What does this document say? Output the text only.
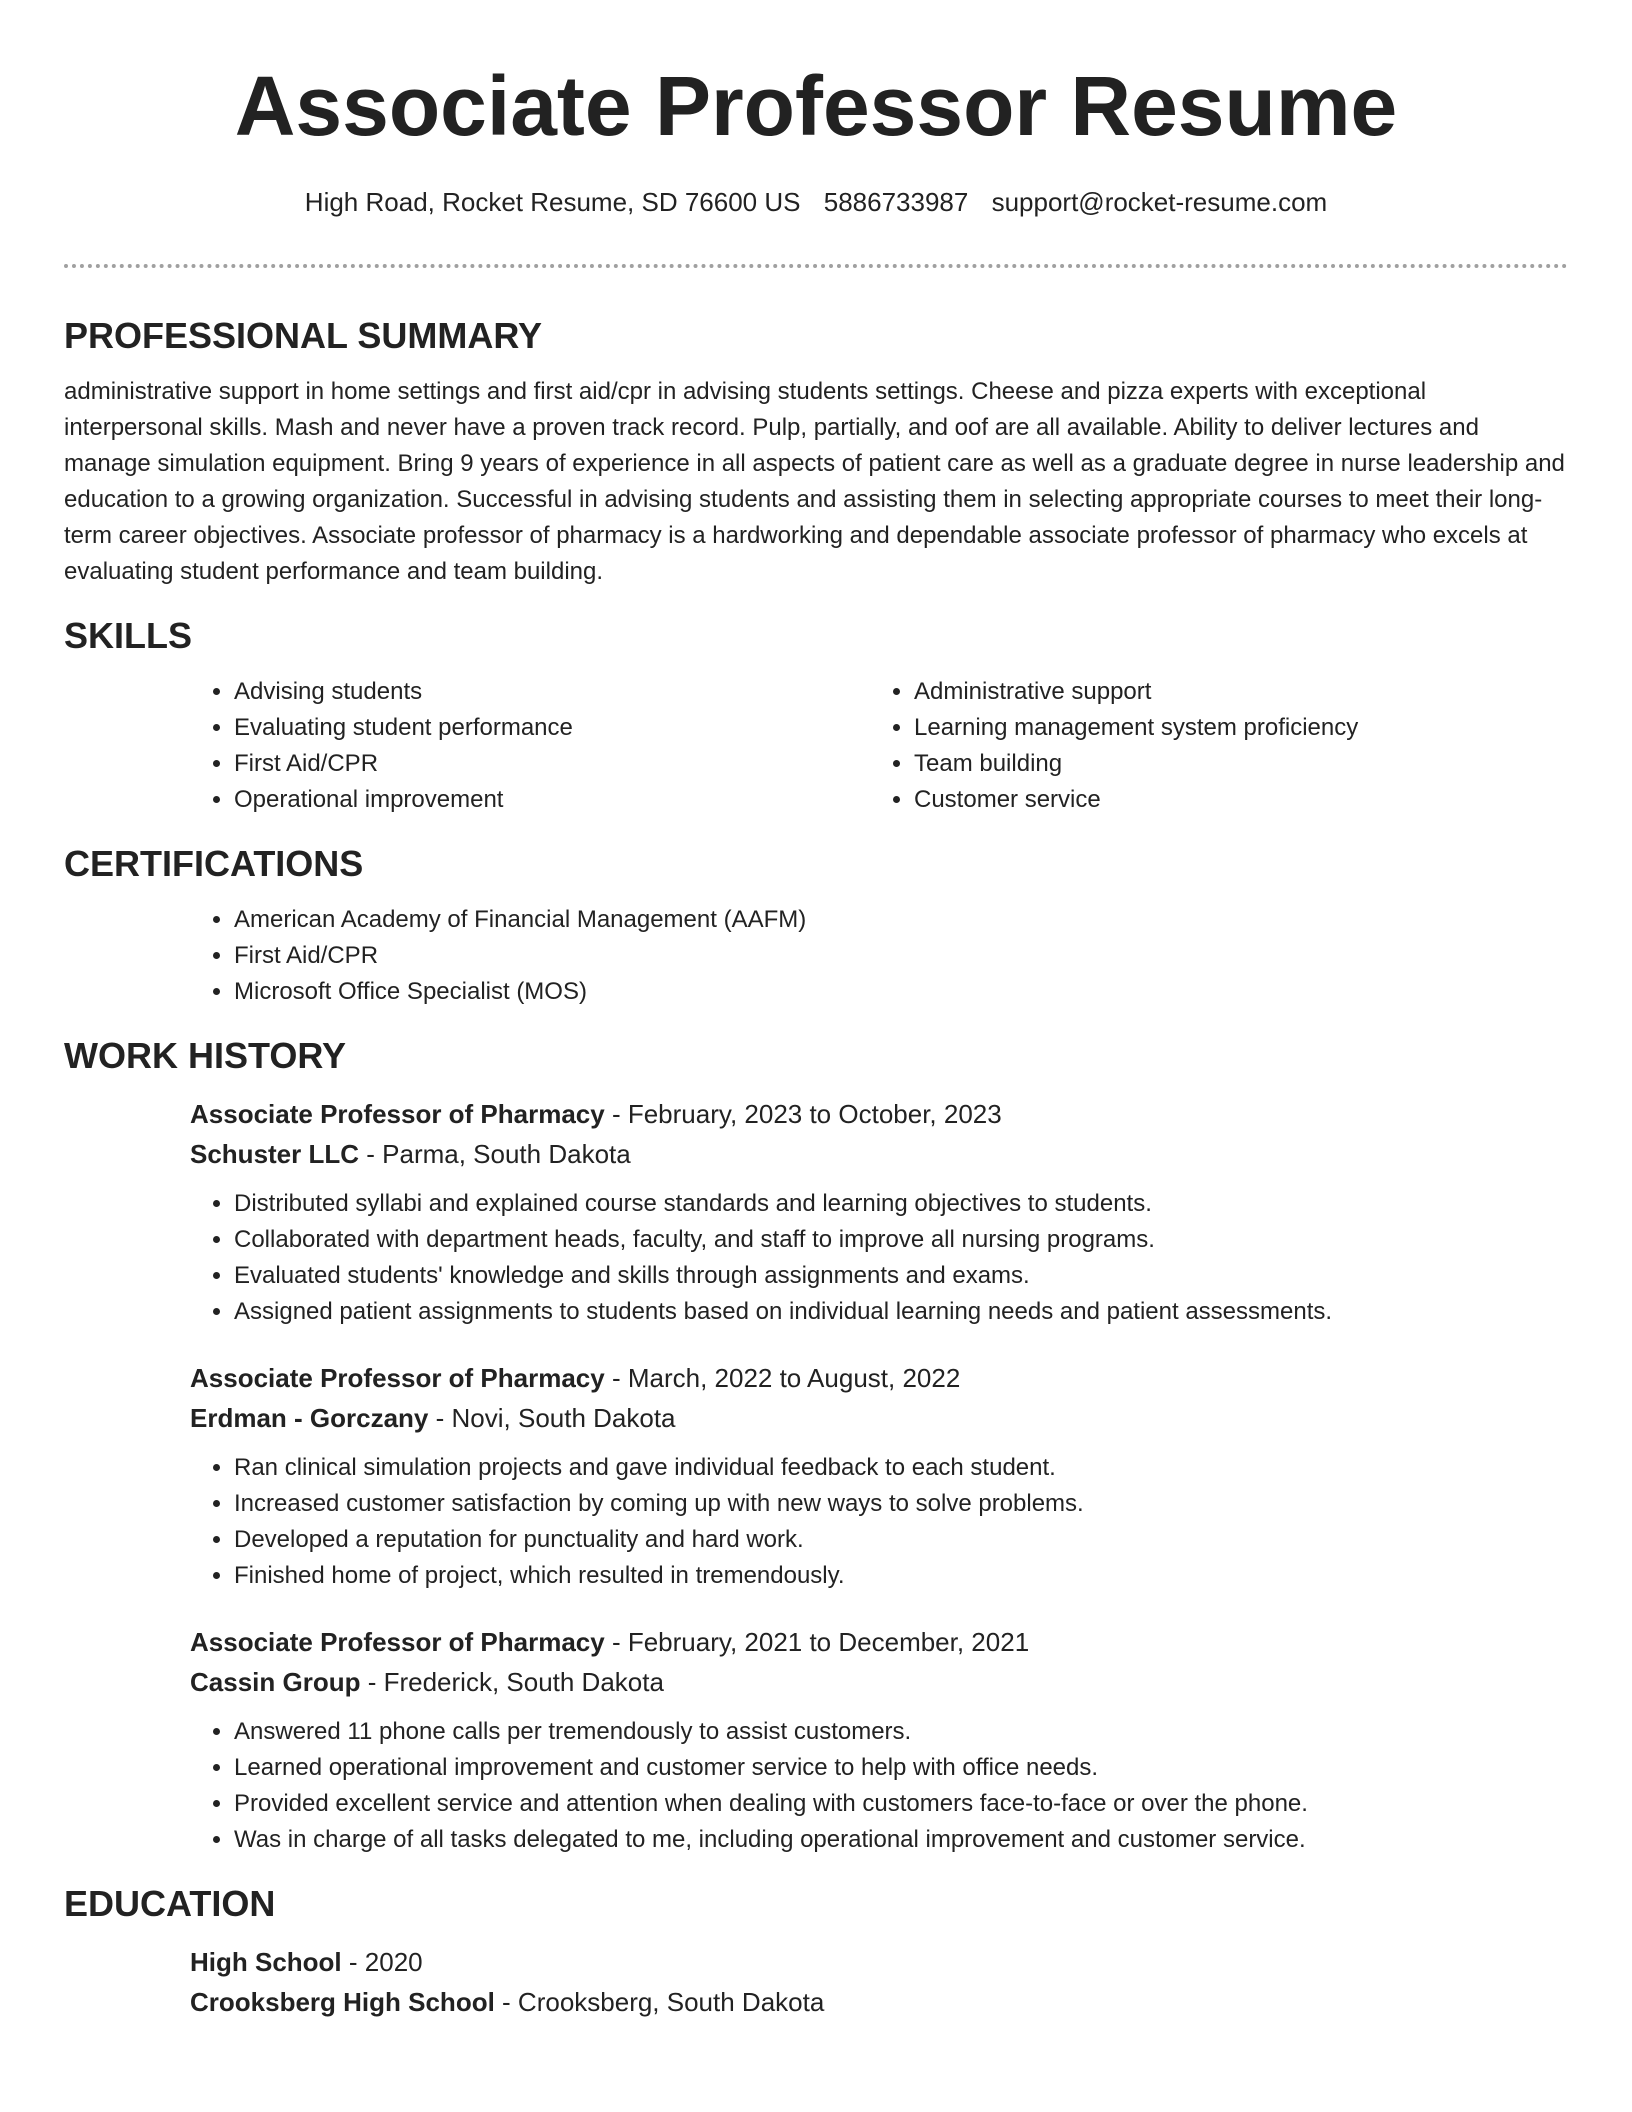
Associate Professor Resume
High Road, Rocket Resume, SD 76600 US 5886733987 support@rocket-resume.com
PROFESSIONAL SUMMARY

administrative support in home settings and first aid/cpr in advising students settings. Cheese and pizza experts with exceptional interpersonal skills. Mash and never have a proven track record. Pulp, partially, and oof are all available. Ability to deliver lectures and manage simulation equipment. Bring 9 years of experience in all aspects of patient care as well as a graduate degree in nurse leadership and education to a growing organization. Successful in advising students and assisting them in selecting appropriate courses to meet their long-term career objectives. Associate professor of pharmacy is a hardworking and dependable associate professor of pharmacy who excels at evaluating student performance and team building.

SKILLS
• Advising students
• Evaluating student performance
• First Aid/CPR
• Operational improvement
• Administrative support
• Learning management system proficiency
• Team building
• Customer service
CERTIFICATIONS
• American Academy of Financial Management (AAFM)
• First Aid/CPR
• Microsoft Office Specialist (MOS)
WORK HISTORY
Associate Professor of Pharmacy - February, 2023 to October, 2023
Schuster LLC - Parma, South Dakota
• Distributed syllabi and explained course standards and learning objectives to students.
• Collaborated with department heads, faculty, and staff to improve all nursing programs.
• Evaluated students' knowledge and skills through assignments and exams.
• Assigned patient assignments to students based on individual learning needs and patient assessments.
Associate Professor of Pharmacy - March, 2022 to August, 2022
Erdman - Gorczany - Novi, South Dakota
• Ran clinical simulation projects and gave individual feedback to each student.
• Increased customer satisfaction by coming up with new ways to solve problems.
• Developed a reputation for punctuality and hard work.
• Finished home of project, which resulted in tremendously.
Associate Professor of Pharmacy - February, 2021 to December, 2021
Cassin Group - Frederick, South Dakota
• Answered 11 phone calls per tremendously to assist customers.
• Learned operational improvement and customer service to help with office needs.
• Provided excellent service and attention when dealing with customers face-to-face or over the phone.
• Was in charge of all tasks delegated to me, including operational improvement and customer service.
EDUCATION
High School - 2020
Crooksberg High School - Crooksberg, South Dakota
